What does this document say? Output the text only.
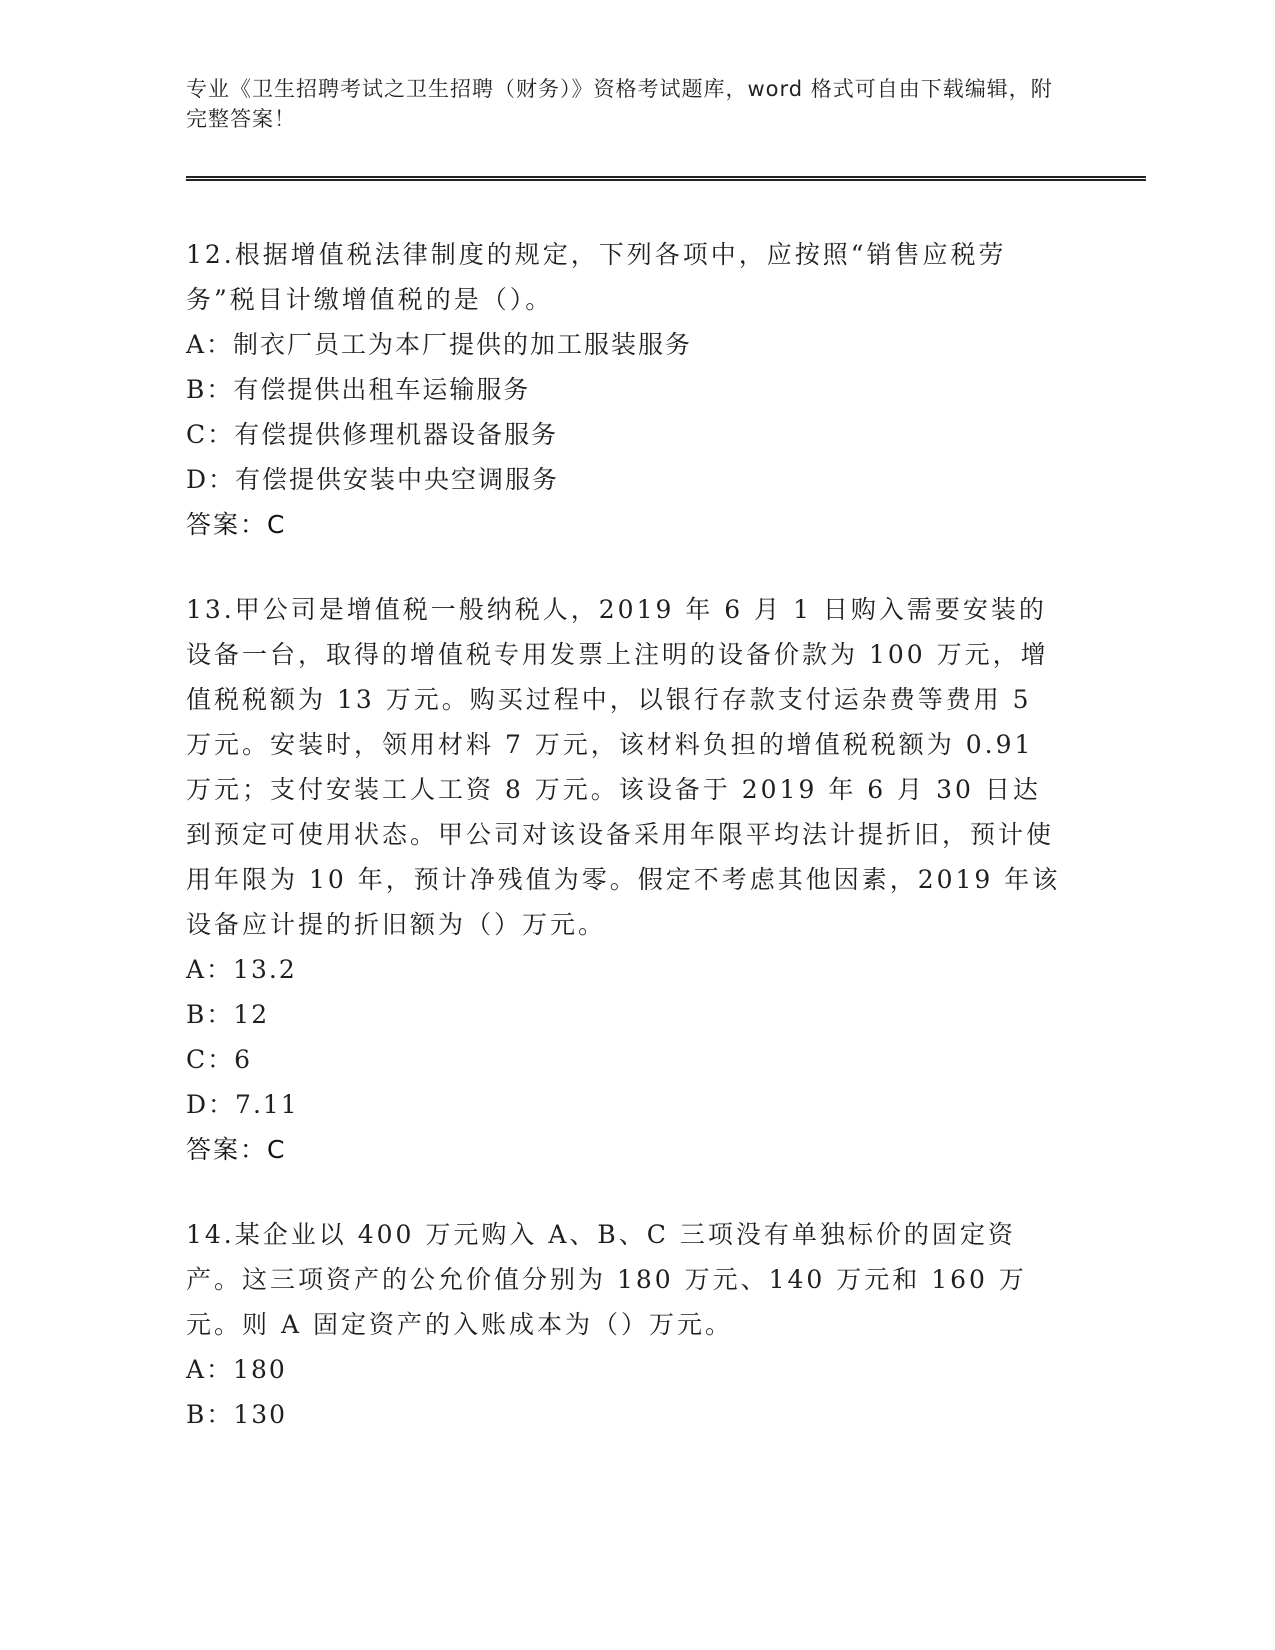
专业《卫生招聘考试之卫生招聘（财务）》资格考试题库，word 格式可自由下载编辑，附完整答案！
12.根据增值税法律制度的规定，下列各项中，应按照“销售应税劳务”税目计缴增值税的是（）。
A：制衣厂员工为本厂提供的加工服装服务
B：有偿提供出租车运输服务
C：有偿提供修理机器设备服务
D：有偿提供安装中央空调服务
答案：C
13.甲公司是增值税一般纳税人，2019 年 6 月 1 日购入需要安装的设备一台，取得的增值税专用发票上注明的设备价款为 100 万元，增值税税额为 13 万元。购买过程中，以银行存款支付运杂费等费用 5 万元。安装时，领用材料 7 万元，该材料负担的增值税税额为 0.91 万元；支付安装工人工资 8 万元。该设备于 2019 年 6 月 30 日达到预定可使用状态。甲公司对该设备采用年限平均法计提折旧，预计使用年限为 10 年，预计净残值为零。假定不考虑其他因素，2019 年该设备应计提的折旧额为（）万元。
A：13.2
B：12
C：6
D：7.11
答案：C
14.某企业以 400 万元购入 A、B、C 三项没有单独标价的固定资产。这三项资产的公允价值分别为 180 万元、140 万元和 160 万元。则 A 固定资产的入账成本为（）万元。
A：180
B：130
